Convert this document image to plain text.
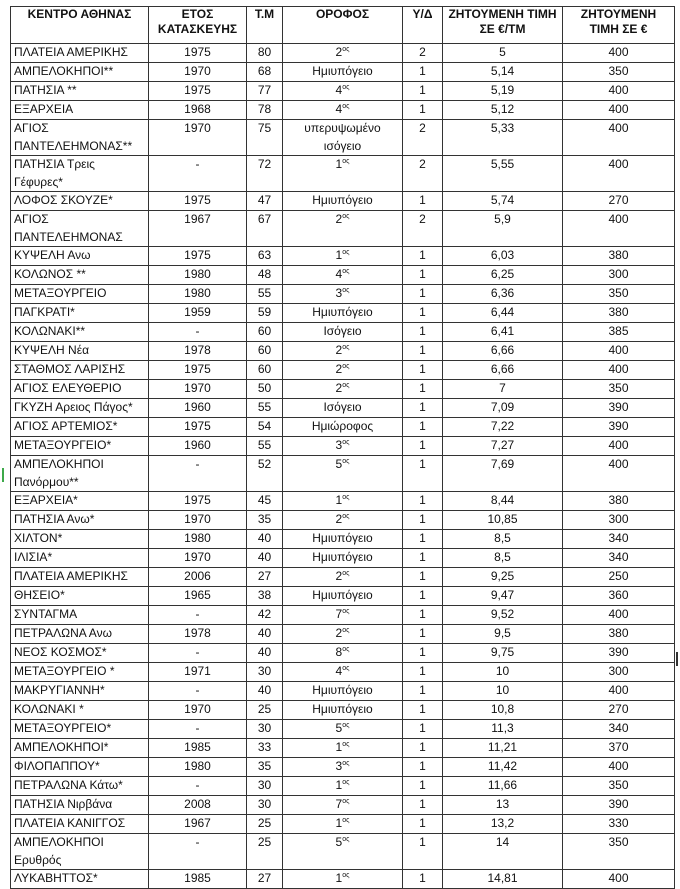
ΚΕΝΤΡΟ ΑΘΗΝΑΣ	ΕΤΟΣ ΚΑΤΑΣΚΕΥΗΣ	Τ.Μ	ΟΡΟΦΟΣ	Υ/Δ	ΖΗΤΟΥΜΕΝΗ ΤΙΜΗ ΣΕ €/ΤΜ	ΖΗΤΟΥΜΕΝΗ ΤΙΜΗ ΣΕ €
ΠΛΑΤΕΙΑ ΑΜΕΡΙΚΗΣ	1975	80	$2^{o\varsigma}$	2	5	400
ΑΜΠΕΛΟΚΗΠΟΙ**	1970	68	Ημιυπόγειο	1	5,14	350
ΠΑΤΗΣΙΑ **	1975	77	$4^{o\varsigma}$	1	5,19	400
ΕΞΑΡΧΕΙΑ	1968	78	$4^{o\varsigma}$	1	5,12	400
ΑΓΙΟΣ ΠΑΝΤΕΛΕΗΜΟΝΑΣ**	1970	75	υπερυψωμένο ισόγειο	2	5,33	400
ΠΑΤΗΣΙΑ Τρεις Γέφυρες*	-	72	$1^{o\varsigma}$	2	5,55	400
ΛΟΦΟΣ ΣΚΟΥΖΕ*	1975	47	Ημιυπόγειο	1	5,74	270
ΑΓΙΟΣ ΠΑΝΤΕΛΕΗΜΟΝΑΣ	1967	67	$2^{o\varsigma}$	2	5,9	400
ΚΥΨΕΛΗ Ανω	1975	63	$1^{o\varsigma}$	1	6,03	380
ΚΟΛΩΝΟΣ **	1980	48	$4^{o\varsigma}$	1	6,25	300
ΜΕΤΑΞΟΥΡΓΕΙΟ	1980	55	$3^{o\varsigma}$	1	6,36	350
ΠΑΓΚΡΑΤΙ*	1959	59	Ημιυπόγειο	1	6,44	380
ΚΟΛΩΝΑΚΙ**	-	60	Ισόγειο	1	6,41	385
ΚΥΨΕΛΗ Νέα	1978	60	$2^{o\varsigma}$	1	6,66	400
ΣΤΑΘΜΟΣ ΛΑΡΙΣΗΣ	1975	60	$2^{o\varsigma}$	1	6,66	400
ΑΓΙΟΣ ΕΛΕΥΘΕΡΙΟ	1970	50	$2^{o\varsigma}$	1	7	350
ΓΚΥΖΗ Αρειος Πάγος*	1960	55	Ισόγειο	1	7,09	390
ΑΓΙΟΣ ΑΡΤΕΜΙΟΣ*	1975	54	Ημιώροφος	1	7,22	390
ΜΕΤΑΞΟΥΡΓΕΙΟ*	1960	55	$3^{o\varsigma}$	1	7,27	400
ΑΜΠΕΛΟΚΗΠΟΙ Πανόρμου**	-	52	$5^{o\varsigma}$	1	7,69	400
ΕΞΑΡΧΕΙΑ*	1975	45	$1^{o\varsigma}$	1	8,44	380
ΠΑΤΗΣΙΑ Ανω*	1970	35	$2^{o\varsigma}$	1	10,85	300
ΧΙΛΤΟΝ*	1980	40	Ημιυπόγειο	1	8,5	340
ΙΛΙΣΙΑ*	1970	40	Ημιυπόγειο	1	8,5	340
ΠΛΑΤΕΙΑ ΑΜΕΡΙΚΗΣ	2006	27	$2^{o\varsigma}$	1	9,25	250
ΘΗΣΕΙΟ*	1965	38	Ημιυπόγειο	1	9,47	360
ΣΥΝΤΑΓΜΑ	-	42	$7^{o\varsigma}$	1	9,52	400
ΠΕΤΡΑΛΩΝΑ Ανω	1978	40	$2^{o\varsigma}$	1	9,5	380
ΝΕΟΣ ΚΟΣΜΟΣ*	-	40	$8^{o\varsigma}$	1	9,75	390
ΜΕΤΑΞΟΥΡΓΕΙΟ *	1971	30	$4^{o\varsigma}$	1	10	300
ΜΑΚΡΥΓΙΑΝΝΗ*	-	40	Ημιυπόγειο	1	10	400
ΚΟΛΩΝΑΚΙ *	1970	25	Ημιυπόγειο	1	10,8	270
ΜΕΤΑΞΟΥΡΓΕΙΟ*	-	30	$5^{o\varsigma}$	1	11,3	340
ΑΜΠΕΛΟΚΗΠΟΙ*	1985	33	$1^{o\varsigma}$	1	11,21	370
ΦΙΛΟΠΑΠΠΟΥ*	1980	35	$3^{o\varsigma}$	1	11,42	400
ΠΕΤΡΑΛΩΝΑ Κάτω*	-	30	$1^{o\varsigma}$	1	11,66	350
ΠΑΤΗΣΙΑ Νιρβάνα	2008	30	$7^{o\varsigma}$	1	13	390
ΠΛΑΤΕΙΑ ΚΑΝΙΓΓΟΣ	1967	25	$1^{o\varsigma}$	1	13,2	330
ΑΜΠΕΛΟΚΗΠΟΙ Ερυθρός	-	25	$5^{o\varsigma}$	1	14	350
ΛΥΚΑΒΗΤΤΟΣ*	1985	27	$1^{o\varsigma}$	1	14,81	400
